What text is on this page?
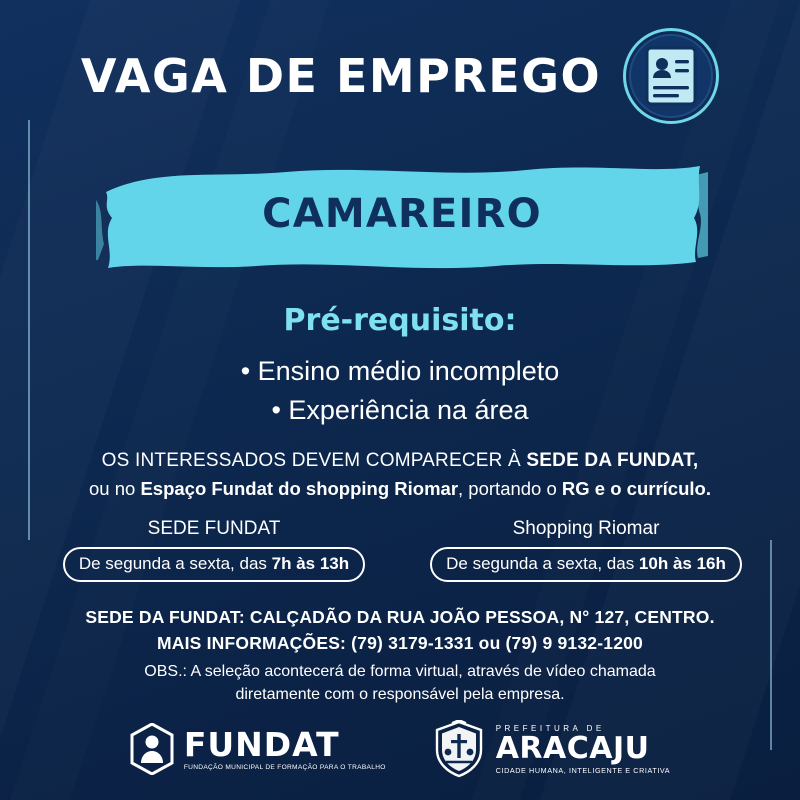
VAGA DE EMPREGO
CAMAREIRO
Pré-requisito:
• Ensino médio incompleto
• Experiência na área
OS INTERESSADOS DEVEM COMPARECER À SEDE DA FUNDAT,
ou no Espaço Fundat do shopping Riomar, portando o RG e o currículo.
SEDE FUNDAT
De segunda a sexta, das 7h às 13h
Shopping Riomar
De segunda a sexta, das 10h às 16h
SEDE DA FUNDAT: CALÇADÃO DA RUA JOÃO PESSOA, N° 127, CENTRO.
MAIS INFORMAÇÕES: (79) 3179-1331 ou (79) 9 9132-1200
OBS.: A seleção acontecerá de forma virtual, através de vídeo chamada
diretamente com o responsável pela empresa.
FUNDAT
FUNDAÇÃO MUNICIPAL DE FORMAÇÃO PARA O TRABALHO
PREFEITURA DE
ARACAJU
CIDADE HUMANA, INTELIGENTE E CRIATIVA
